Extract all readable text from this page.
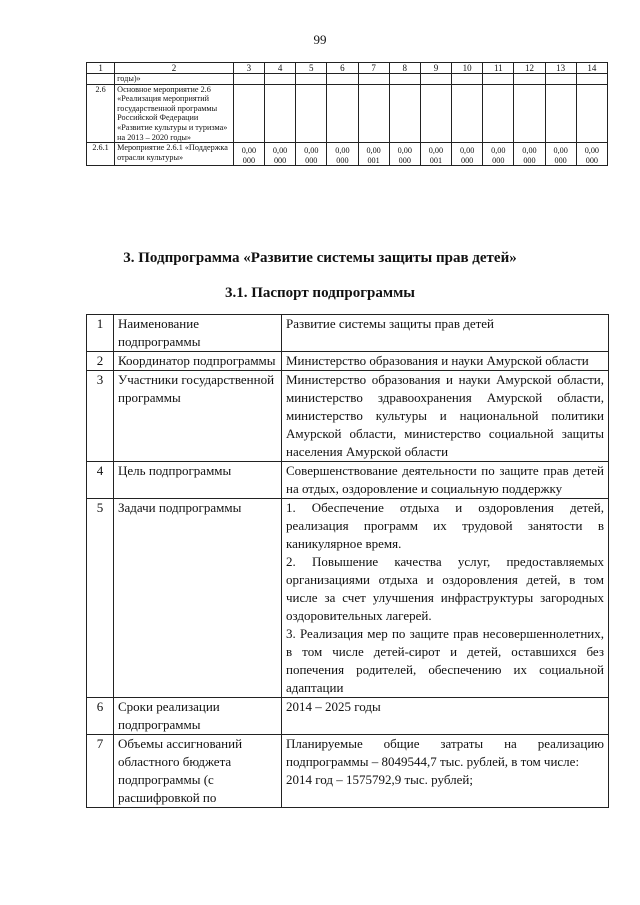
99
1	2	3	4	5	6	7	8	9	10	11	12	13	14
	годы)»												
2.6	Основное мероприятие 2.6 «Реализация мероприятий государственной программы Российской Федерации «Развитие культуры и туризма» на 2013 – 2020 годы»												
2.6.1	Мероприятие 2.6.1 «Поддержка отрасли культуры»	0,00 000	0,00 000	0,00 000	0,00 000	0,00 001	0,00 000	0,00 001	0,00 000	0,00 000	0,00 000	0,00 000	0,00 000
3. Подпрограмма «Развитие системы защиты прав детей»
3.1. Паспорт подпрограммы
1	Наименование подпрограммы	Развитие системы защиты прав детей

2	Координатор подпрограммы	Министерство образования и науки Амурской области

3	Участники государственной программы	Министерство образования и науки Амурской области, министерство здравоохранения Амурской области, министерство культуры и национальной политики Амурской области, министерство социальной защиты населения Амурской области

4	Цель подпрограммы	Совершенствование деятельности по защите прав детей на отдых, оздоровление и социальную поддержку

5	Задачи подпрограммы	1. Обеспечение отдыха и оздоровления детей, реализация программ их трудовой занятости в каникулярное время.

2. Повышение качества услуг, предоставляемых организациями отдыха и оздоровления детей, в том числе за счет улучшения инфраструктуры загородных оздоровительных лагерей.

3. Реализация мер по защите прав несовершеннолетних, в том числе детей-сирот и детей, оставшихся без попечения родителей, обеспечению их социальной адаптации

6	Сроки реализации подпрограммы	2014 – 2025 годы

7	Объемы ассигнований областного бюджета подпрограммы (с расшифровкой по	Планируемые общие затраты на реализацию подпрограммы – 8049544,7 тыс. рублей, в том числе:

2014 год – 1575792,9 тыс. рублей;
